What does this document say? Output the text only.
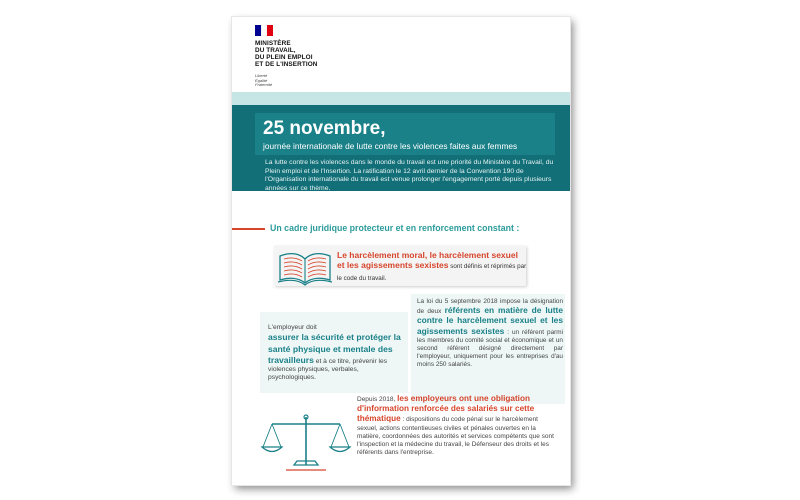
MINISTÈRE
DU TRAVAIL,
DU PLEIN EMPLOI
ET DE L'INSERTION
Liberté
Égalité
Fraternité
25 novembre,
journée internationale de lutte contre les violences faites aux femmes
La lutte contre les violences dans le monde du travail est une priorité du Ministère du Travail, du Plein emploi et de l'Insertion. La ratification le 12 avril dernier de la Convention 190 de l'Organisation internationale du travail est venue prolonger l'engagement porté depuis plusieurs années sur ce thème.
Un cadre juridique protecteur et en renforcement constant :
Le harcèlement moral, le harcèlement sexuel et les agissements sexistes sont définis et réprimés par le code du travail.
L'employeur doit
assurer la sécurité et protéger la santé physique et mentale des travailleurs et à ce titre, prévenir les violences physiques, verbales, psychologiques.
La loi du 5 septembre 2018 impose la désignation de deux référents en matière de lutte contre le harcèlement sexuel et les agissements sexistes : un référent parmi les membres du comité social et économique et un second référent désigné directement par l'employeur, uniquement pour les entreprises d'au moins 250 salariés.
Depuis 2018, les employeurs ont une obligation d'information renforcée des salariés sur cette thématique : dispositions du code pénal sur le harcèlement sexuel, actions contentieuses civiles et pénales ouvertes en la matière, coordonnées des autorités et services compétents que sont l'inspection et la médecine du travail, le Défenseur des droits et les référents dans l'entreprise.
